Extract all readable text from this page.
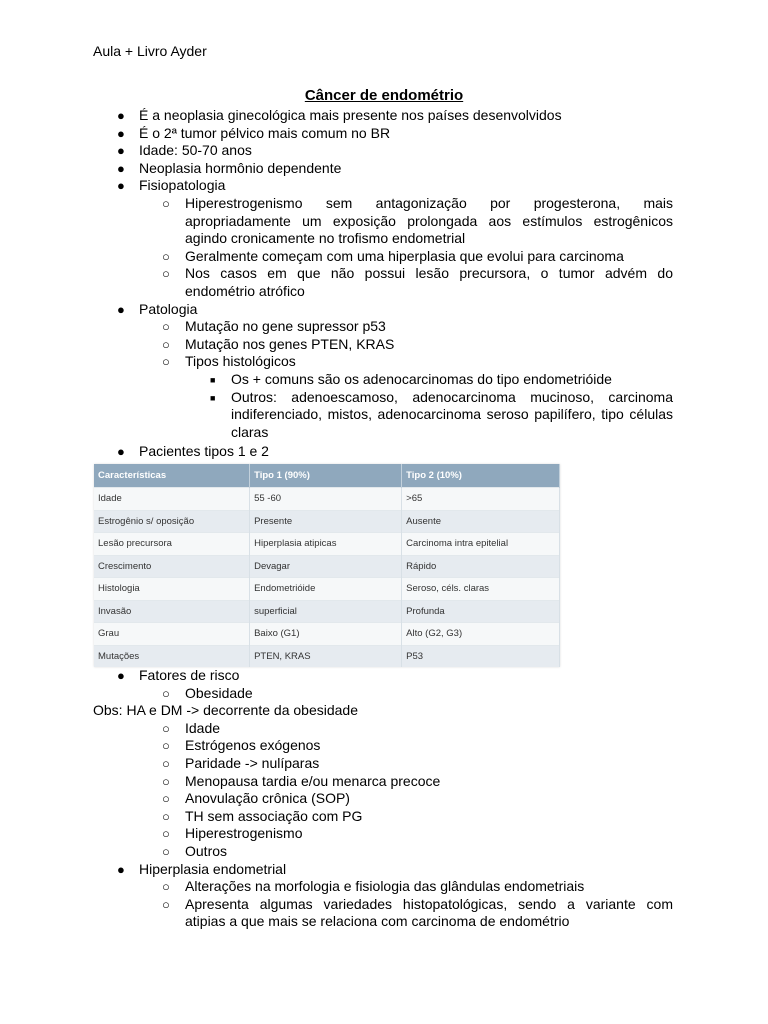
Aula + Livro Ayder
Câncer de endométrio
● É a neoplasia ginecológica mais presente nos países desenvolvidos
● É o 2ª tumor pélvico mais comum no BR
● Idade: 50-70 anos
● Neoplasia hormônio dependente
● Fisiopatologia
○ Hiperestrogenismo sem antagonização por progesterona, mais
apropriadamente um exposição prolongada aos estímulos estrogênicos
agindo cronicamente no trofismo endometrial
○ Geralmente começam com uma hiperplasia que evolui para carcinoma
○ Nos casos em que não possui lesão precursora, o tumor advém do
endométrio atrófico
● Patologia
○ Mutação no gene supressor p53
○ Mutação nos genes PTEN, KRAS
○ Tipos histológicos
■ Os + comuns são os adenocarcinomas do tipo endometrióide
■ Outros: adenoescamoso, adenocarcinoma mucinoso, carcinoma
indiferenciado, mistos, adenocarcinoma seroso papilífero, tipo células
claras
● Pacientes tipos 1 e 2
Características	Tipo 1 (90%)	Tipo 2 (10%)
Idade	55 -60	>65
Estrogênio s/ oposição	Presente	Ausente
Lesão precursora	Hiperplasia atipicas	Carcinoma intra epitelial
Crescimento	Devagar	Rápido
Histologia	Endometrióide	Seroso, céls. claras
Invasão	superficial	Profunda
Grau	Baixo (G1)	Alto (G2, G3)
Mutações	PTEN, KRAS	P53
● Fatores de risco
○ Obesidade
Obs: HA e DM -> decorrente da obesidade
○ Idade
○ Estrógenos exógenos
○ Paridade -> nulíparas
○ Menopausa tardia e/ou menarca precoce
○ Anovulação crônica (SOP)
○ TH sem associação com PG
○ Hiperestrogenismo
○ Outros
● Hiperplasia endometrial
○ Alterações na morfologia e fisiologia das glândulas endometriais
○ Apresenta algumas variedades histopatológicas, sendo a variante com
atipias a que mais se relaciona com carcinoma de endométrio
